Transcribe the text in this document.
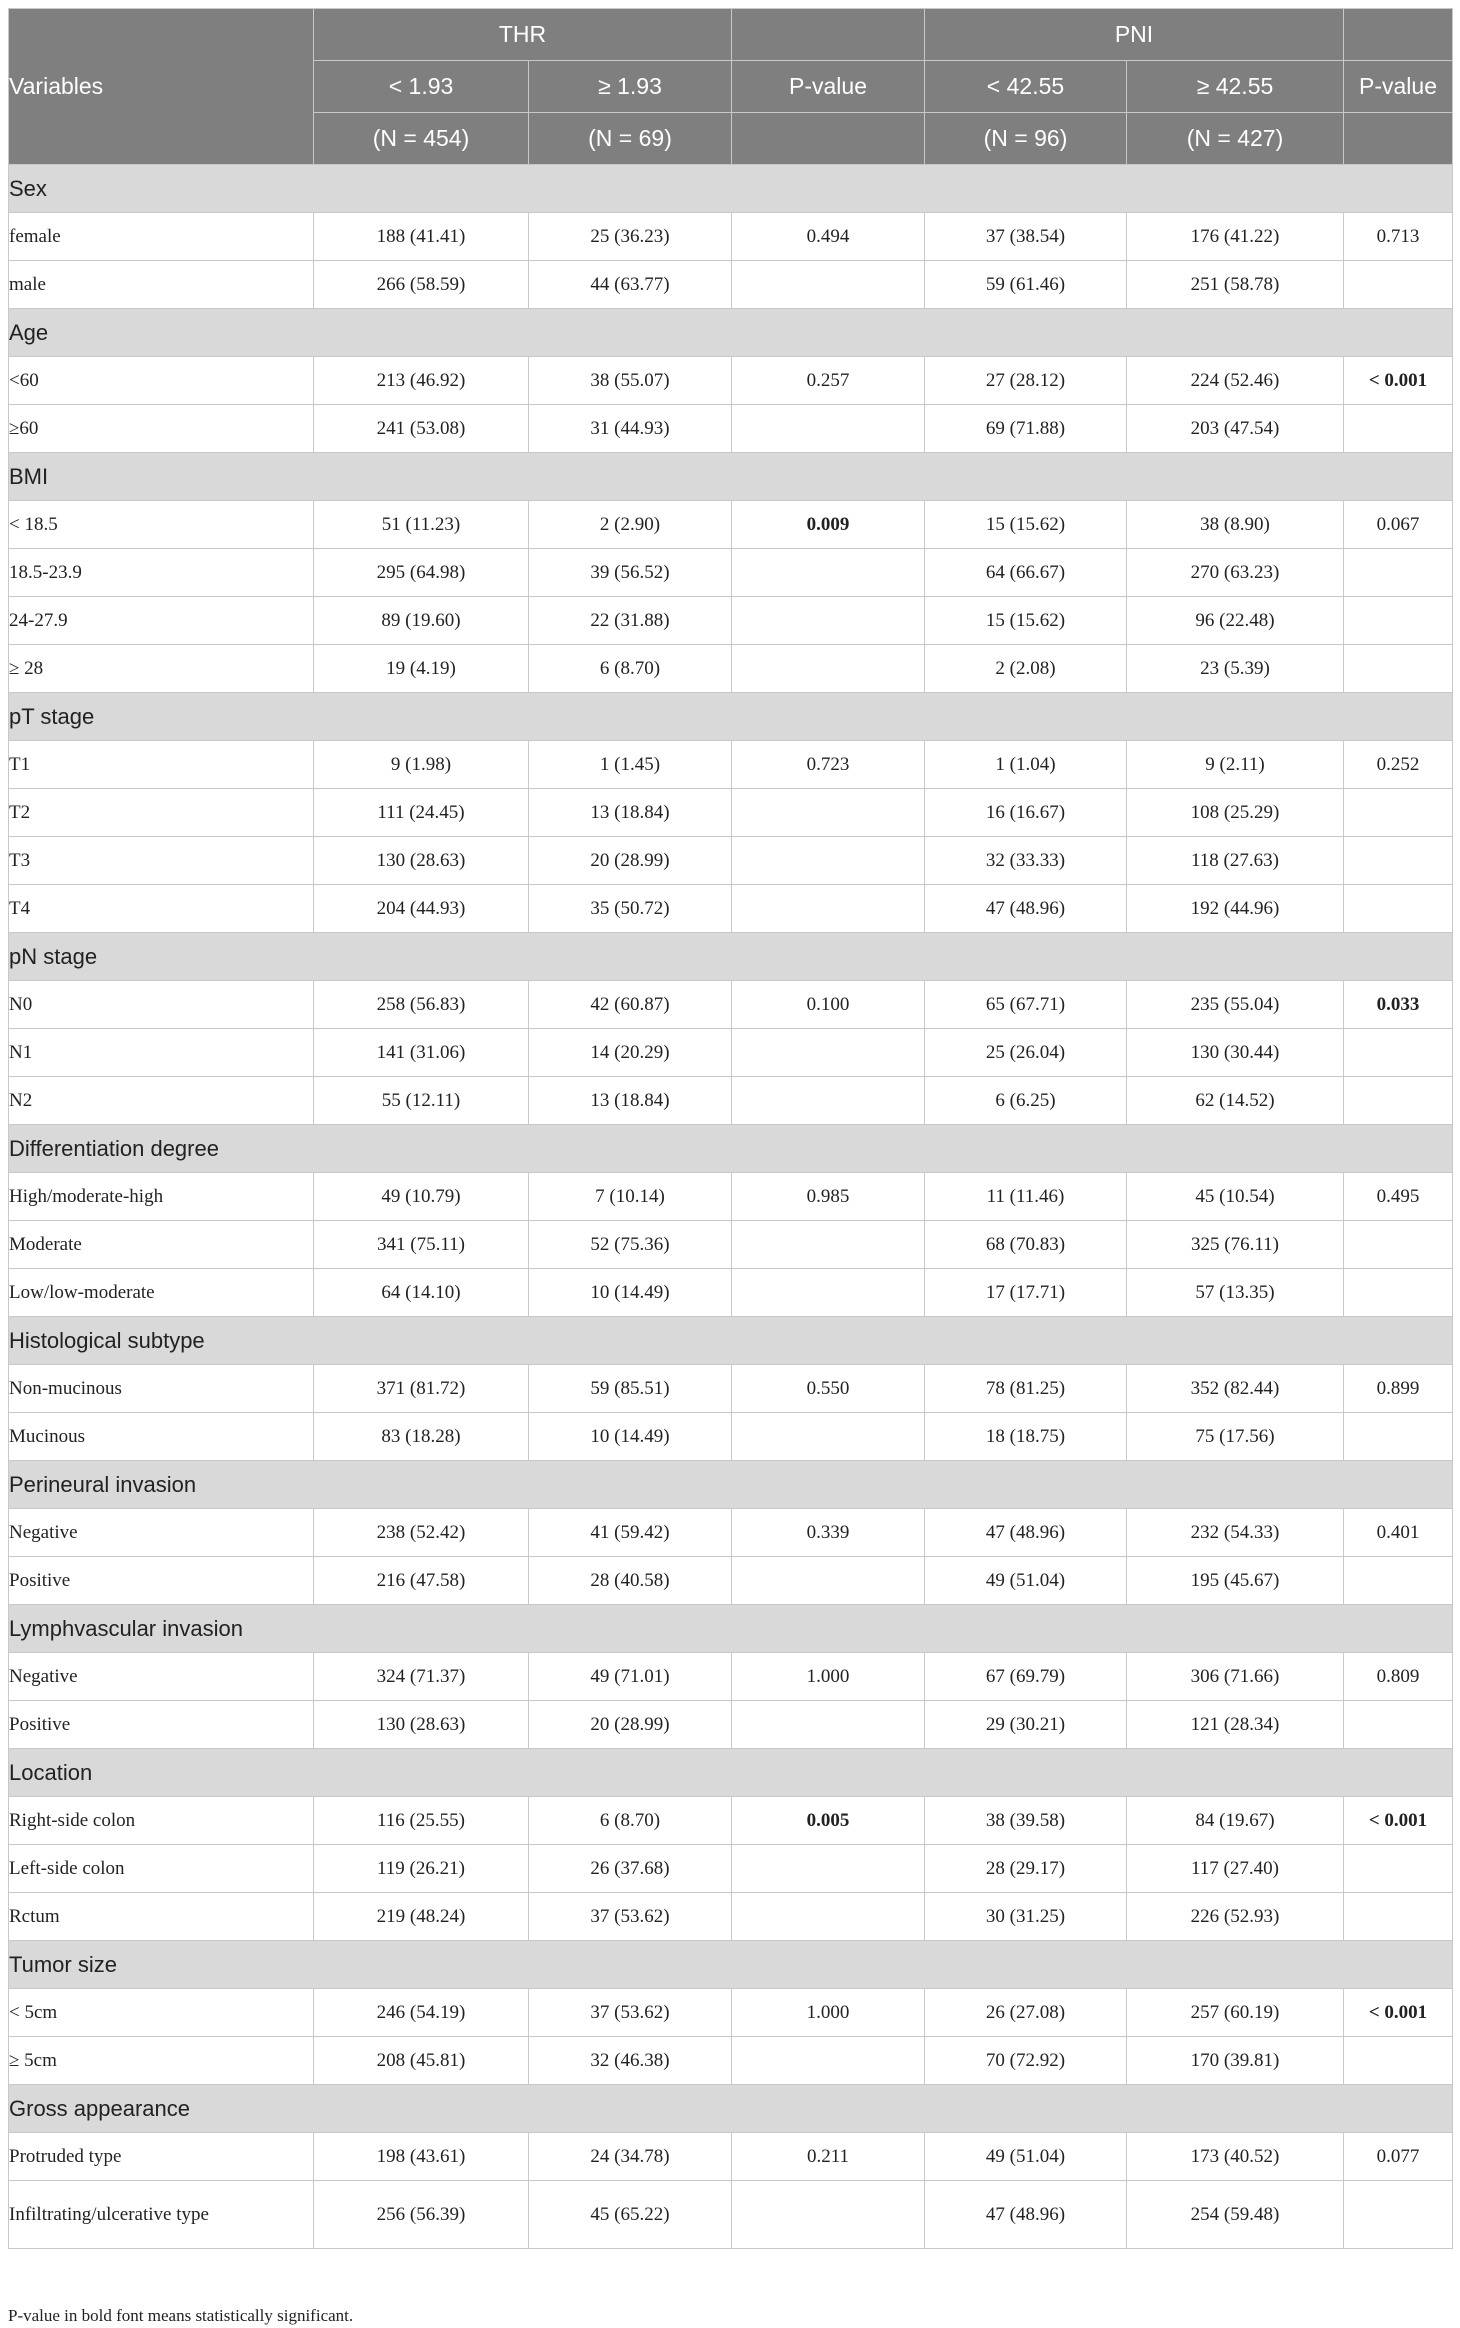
Variables	THR			PNI		
	< 1.93	≥ 1.93	P-value	< 42.55	≥ 42.55	P-value
	(N = 454)	(N = 69)		(N = 96)	(N = 427)	
Sex						
female	188 (41.41)	25 (36.23)	0.494	37 (38.54)	176 (41.22)	0.713
male	266 (58.59)	44 (63.77)		59 (61.46)	251 (58.78)	
Age						
<60	213 (46.92)	38 (55.07)	0.257	27 (28.12)	224 (52.46)	< 0.001
≥60	241 (53.08)	31 (44.93)		69 (71.88)	203 (47.54)	
BMI						
< 18.5	51 (11.23)	2 (2.90)	0.009	15 (15.62)	38 (8.90)	0.067
18.5-23.9	295 (64.98)	39 (56.52)		64 (66.67)	270 (63.23)	
24-27.9	89 (19.60)	22 (31.88)		15 (15.62)	96 (22.48)	
≥ 28	19 (4.19)	6 (8.70)		2 (2.08)	23 (5.39)	
pT stage						
T1	9 (1.98)	1 (1.45)	0.723	1 (1.04)	9 (2.11)	0.252
T2	111 (24.45)	13 (18.84)		16 (16.67)	108 (25.29)	
T3	130 (28.63)	20 (28.99)		32 (33.33)	118 (27.63)	
T4	204 (44.93)	35 (50.72)		47 (48.96)	192 (44.96)	
pN stage						
N0	258 (56.83)	42 (60.87)	0.100	65 (67.71)	235 (55.04)	0.033
N1	141 (31.06)	14 (20.29)		25 (26.04)	130 (30.44)	
N2	55 (12.11)	13 (18.84)		6 (6.25)	62 (14.52)	
Differentiation degree						
High/moderate-high	49 (10.79)	7 (10.14)	0.985	11 (11.46)	45 (10.54)	0.495
Moderate	341 (75.11)	52 (75.36)		68 (70.83)	325 (76.11)	
Low/low-moderate	64 (14.10)	10 (14.49)		17 (17.71)	57 (13.35)	
Histological subtype						
Non-mucinous	371 (81.72)	59 (85.51)	0.550	78 (81.25)	352 (82.44)	0.899
Mucinous	83 (18.28)	10 (14.49)		18 (18.75)	75 (17.56)	
Perineural invasion						
Negative	238 (52.42)	41 (59.42)	0.339	47 (48.96)	232 (54.33)	0.401
Positive	216 (47.58)	28 (40.58)		49 (51.04)	195 (45.67)	
Lymphvascular invasion						
Negative	324 (71.37)	49 (71.01)	1.000	67 (69.79)	306 (71.66)	0.809
Positive	130 (28.63)	20 (28.99)		29 (30.21)	121 (28.34)	
Location						
Right-side colon	116 (25.55)	6 (8.70)	0.005	38 (39.58)	84 (19.67)	< 0.001
Left-side colon	119 (26.21)	26 (37.68)		28 (29.17)	117 (27.40)	
Rctum	219 (48.24)	37 (53.62)		30 (31.25)	226 (52.93)	
Tumor size						
< 5cm	246 (54.19)	37 (53.62)	1.000	26 (27.08)	257 (60.19)	< 0.001
≥ 5cm	208 (45.81)	32 (46.38)		70 (72.92)	170 (39.81)	
Gross appearance						
Protruded type	198 (43.61)	24 (34.78)	0.211	49 (51.04)	173 (40.52)	0.077
Infiltrating/ulcerative type	256 (56.39)	45 (65.22)		47 (48.96)	254 (59.48)	
P-value in bold font means statistically significant.
